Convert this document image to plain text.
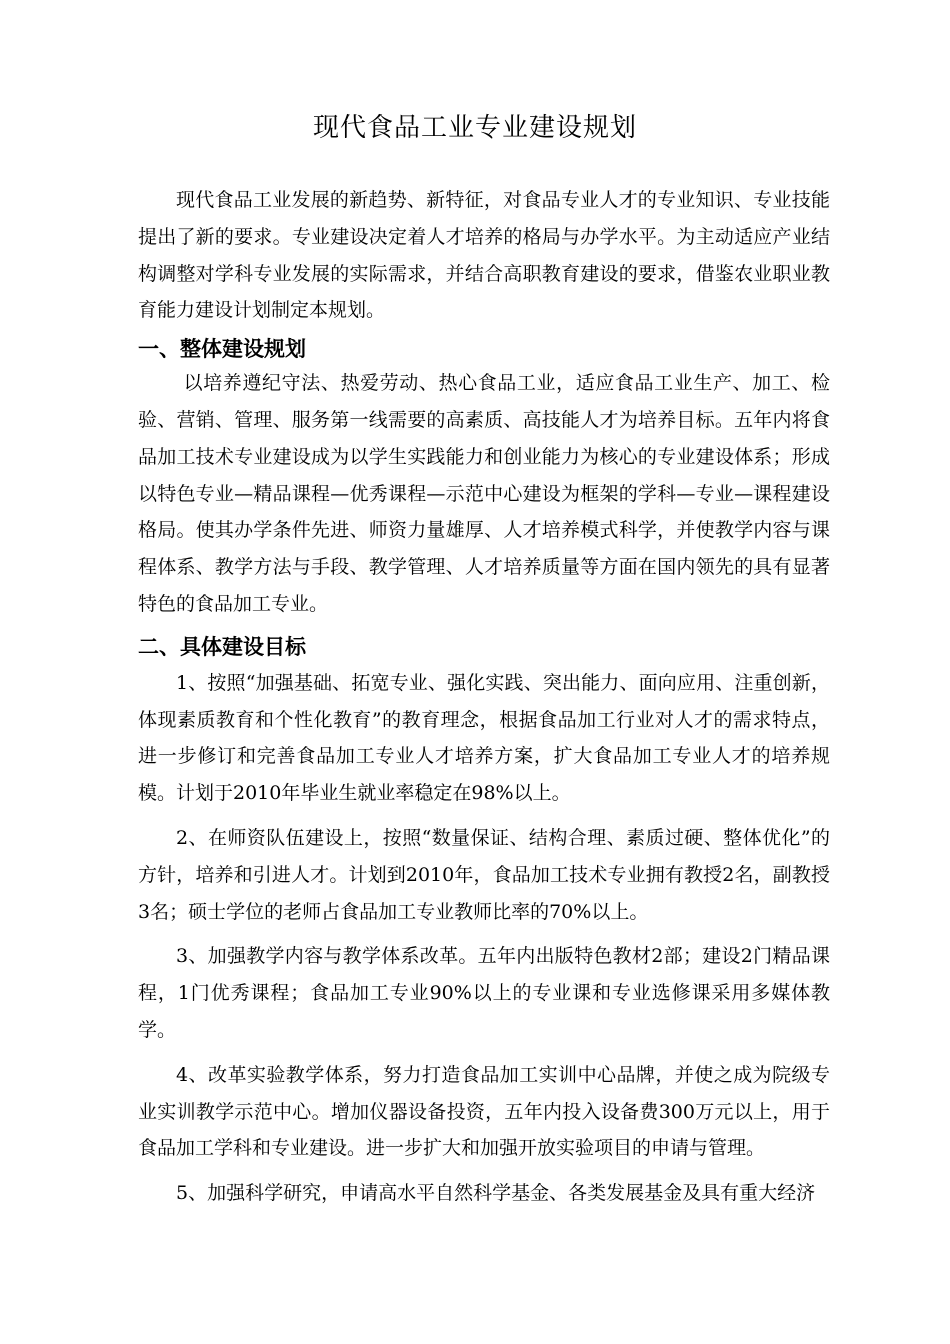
现代食品工业专业建设规划

现代食品工业发展的新趋势、新特征，对食品专业人才的专业知识、专业技能提出了新的要求。专业建设决定着人才培养的格局与办学水平。为主动适应产业结构调整对学科专业发展的实际需求，并结合高职教育建设的要求，借鉴农业职业教育能力建设计划制定本规划。

一、整体建设规划

以培养遵纪守法、热爱劳动、热心食品工业，适应食品工业生产、加工、检验、营销、管理、服务第一线需要的高素质、高技能人才为培养目标。五年内将食品加工技术专业建设成为以学生实践能力和创业能力为核心的专业建设体系；形成以特色专业—精品课程—优秀课程—示范中心建设为框架的学科—专业—课程建设格局。使其办学条件先进、师资力量雄厚、人才培养模式科学，并使教学内容与课程体系、教学方法与手段、教学管理、人才培养质量等方面在国内领先的具有显著特色的食品加工专业。

二、具体建设目标

1、按照“加强基础、拓宽专业、强化实践、突出能力、面向应用、注重创新，体现素质教育和个性化教育”的教育理念，根据食品加工行业对人才的需求特点，进一步修订和完善食品加工专业人才培养方案，扩大食品加工专业人才的培养规模。计划于2010年毕业生就业率稳定在98%以上。

2、在师资队伍建设上，按照“数量保证、结构合理、素质过硬、整体优化”的方针，培养和引进人才。计划到2010年，食品加工技术专业拥有教授2名，副教授3名；硕士学位的老师占食品加工专业教师比率的70%以上。

3、加强教学内容与教学体系改革。五年内出版特色教材2部；建设2门精品课程，1门优秀课程；食品加工专业90%以上的专业课和专业选修课采用多媒体教学。

4、改革实验教学体系，努力打造食品加工实训中心品牌，并使之成为院级专业实训教学示范中心。增加仪器设备投资，五年内投入设备费300万元以上，用于食品加工学科和专业建设。进一步扩大和加强开放实验项目的申请与管理。

5、加强科学研究，申请高水平自然科学基金、各类发展基金及具有重大经济
